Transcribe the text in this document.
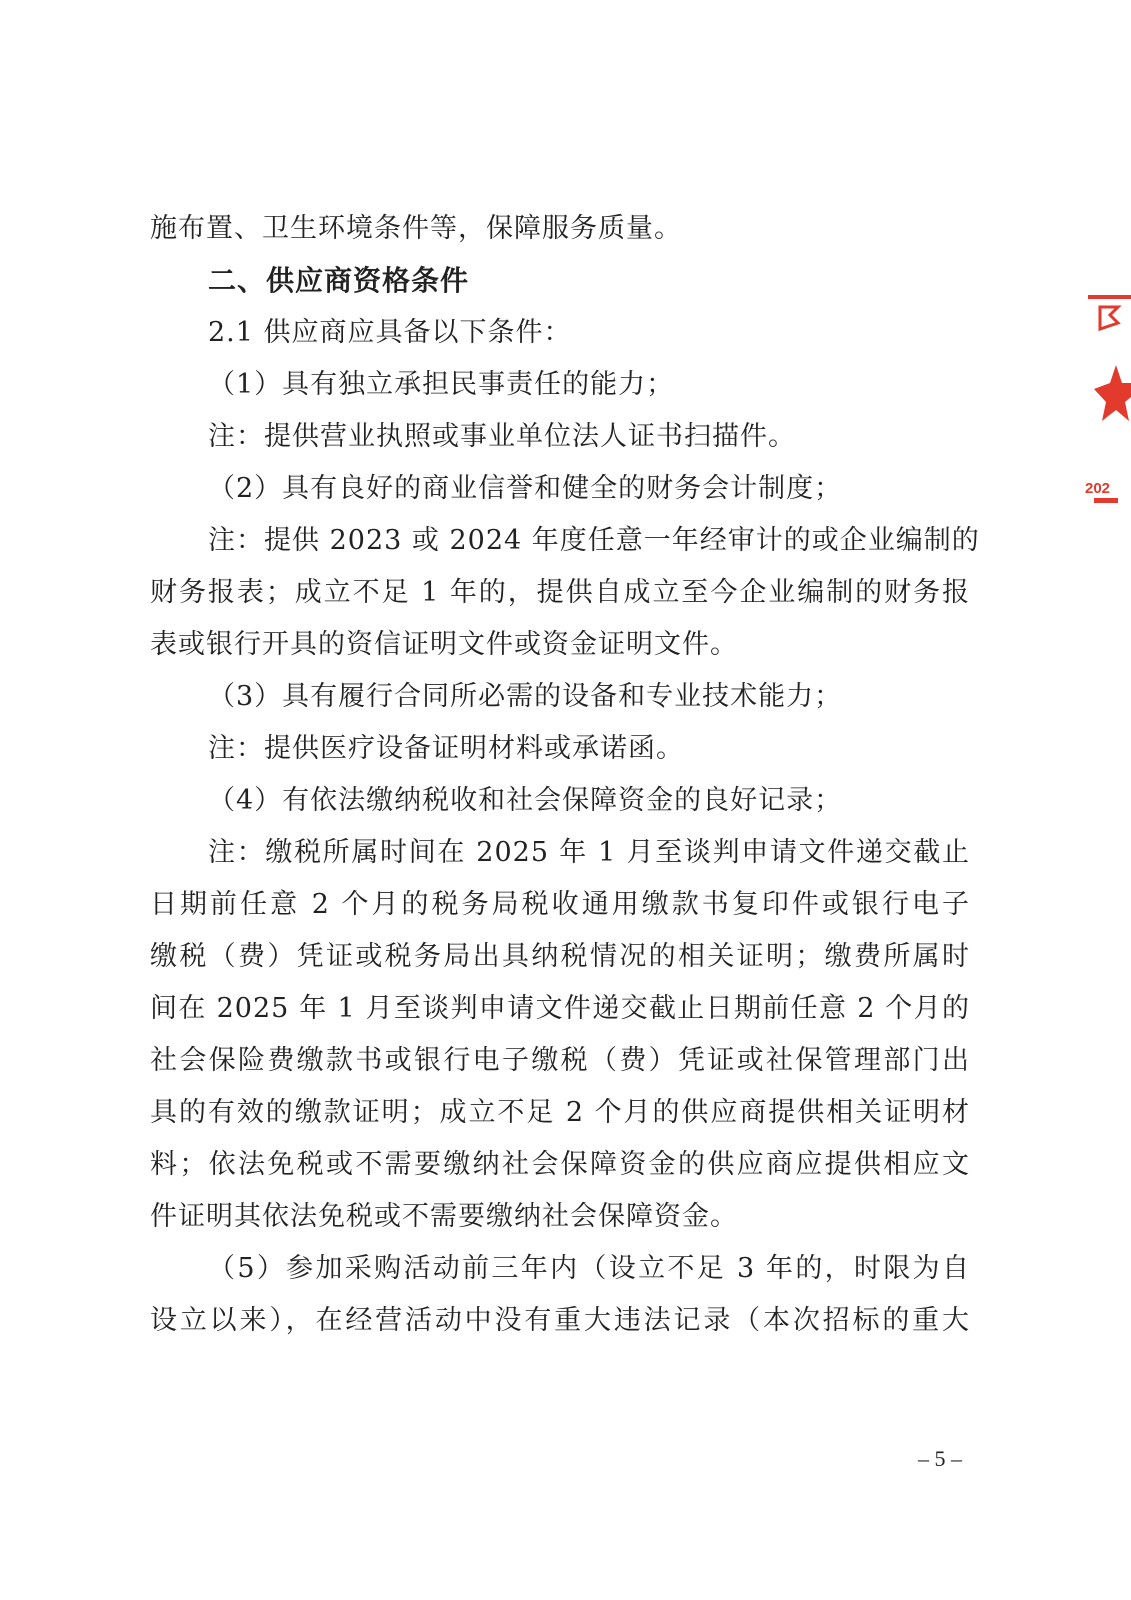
施布置、卫生环境条件等，保障服务质量。
二、供应商资格条件
2.1 供应商应具备以下条件：
（1）具有独立承担民事责任的能力；
注：提供营业执照或事业单位法人证书扫描件。
（2）具有良好的商业信誉和健全的财务会计制度；
注：提供 2023 或 2024 年度任意一年经审计的或企业编制的
财务报表；成立不足 1 年的，提供自成立至今企业编制的财务报
表或银行开具的资信证明文件或资金证明文件。
（3）具有履行合同所必需的设备和专业技术能力；
注：提供医疗设备证明材料或承诺函。
（4）有依法缴纳税收和社会保障资金的良好记录；
注：缴税所属时间在 2025 年 1 月至谈判申请文件递交截止
日期前任意 2 个月的税务局税收通用缴款书复印件或银行电子
缴税（费）凭证或税务局出具纳税情况的相关证明；缴费所属时
间在 2025 年 1 月至谈判申请文件递交截止日期前任意 2 个月的
社会保险费缴款书或银行电子缴税（费）凭证或社保管理部门出
具的有效的缴款证明；成立不足 2 个月的供应商提供相关证明材
料；依法免税或不需要缴纳社会保障资金的供应商应提供相应文
件证明其依法免税或不需要缴纳社会保障资金。
（5）参加采购活动前三年内（设立不足 3 年的，时限为自
设立以来），在经营活动中没有重大违法记录（本次招标的重大
202
– 5 –
